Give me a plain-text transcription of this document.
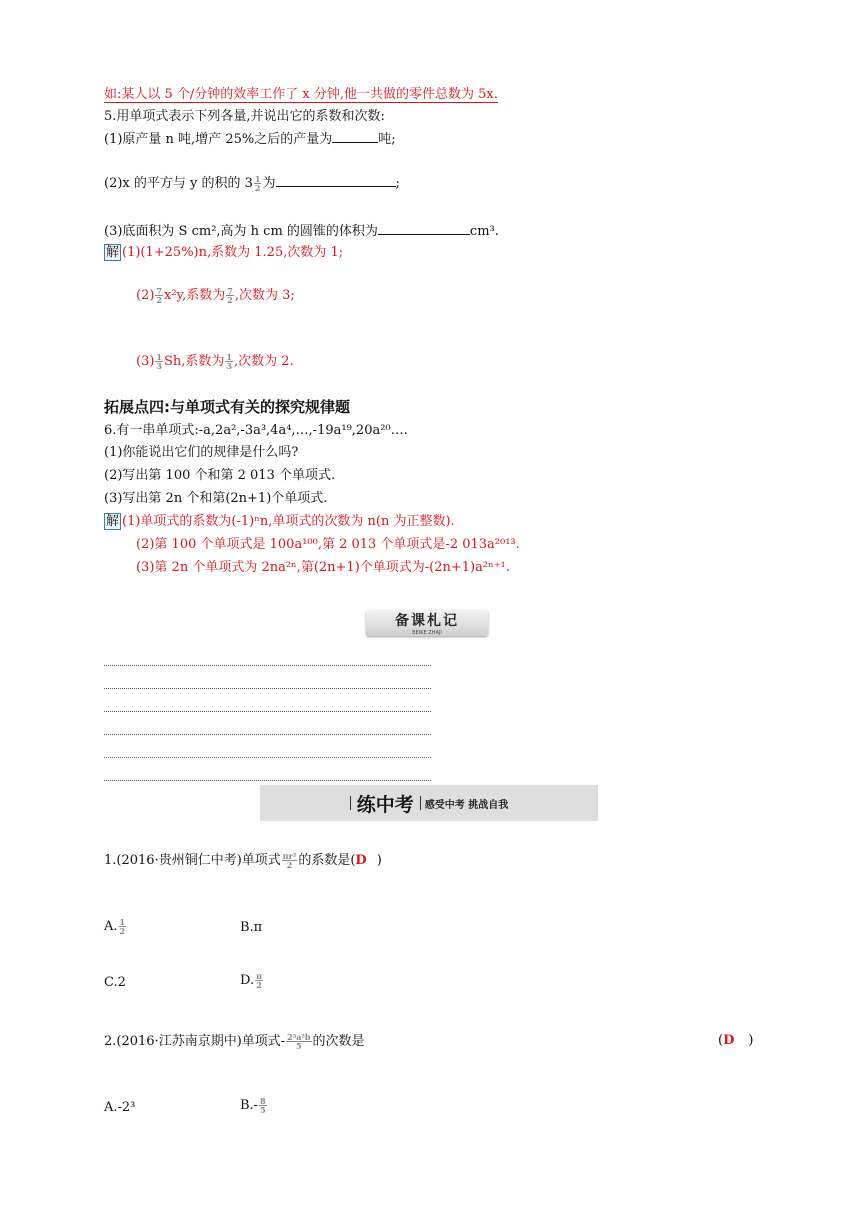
如:某人以 5 个/分钟的效率工作了 x 分钟,他一共做的零件总数为 5x.
5.用单项式表示下列各量,并说出它的系数和次数:
(1)原产量 n 吨,增产 25%之后的产量为	吨;
(2)x 的平方与 y 的积的 $3 \frac{1}{2}$ 为	;
(3)底面积为 S cm²,高为 h cm 的圆锥的体积为	cm³.
解 (1)(1+25%)n,系数为 1.25,次数为 1;
$(2) \frac{7}{2} x^2y$,系数为 $\frac{7}{2}$ ,次数为 3;
$(3) \frac{1}{3} Sh$,系数为 $\frac{1}{3}$ ,次数为 2.
拓展点四:与单项式有关的探究规律题
6.有一串单项式:-a,2a²,-3a³,4a⁴,…,-19a¹⁹,20a²⁰….
(1)你能说出它们的规律是什么吗?
(2)写出第 100 个和第 2 013 个单项式.
(3)写出第 2n 个和第(2n+1)个单项式.
解 (1)单项式的系数为(-1)ⁿn,单项式的次数为 n(n 为正整数).
(2)第 100 个单项式是 100a¹⁰⁰,第 2 013 个单项式是-2 013a²⁰¹³.
(3)第 2n 个单项式为 2na²ⁿ,第(2n+1)个单项式为-(2n+1)a²ⁿ⁺¹.
备课札记
BEIKE ZHAJI
练中考 感受中考 挑战自我
1.(2016·贵州铜仁中考)单项式 $\frac{\text{πr²}}{2}$ 的系数是(D )
A. $\frac{1}{2}$	B.π
C.2	D. $\frac{\pi}{2}$
2.(2016·江苏南京期中)单项式- $\frac{\text{2³a²b}}{5}$ 的次数是	(D )
A.-2³	$B.- \frac{8}{5}$
